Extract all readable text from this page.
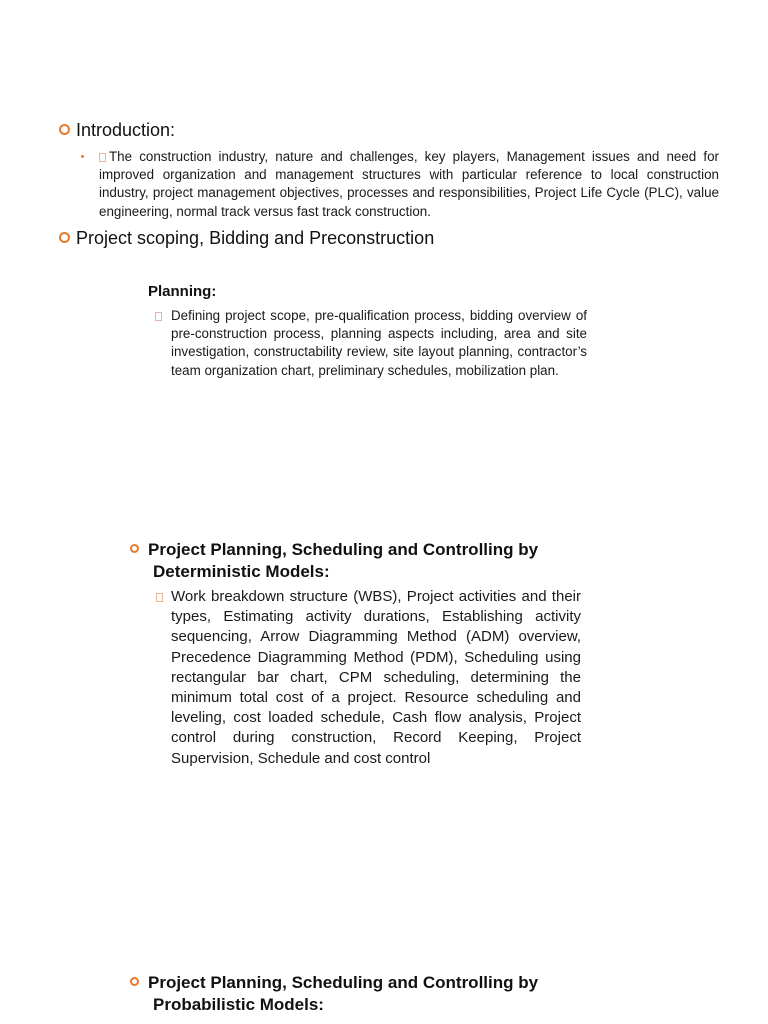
Introduction:
The construction industry, nature and challenges, key players, Management issues and need for improved organization and management structures with particular reference to local construction industry, project management objectives, processes and responsibilities, Project Life Cycle (PLC), value engineering, normal track versus fast track construction.
Project scoping, Bidding and Preconstruction
Planning:
Defining project scope, pre-qualification process, bidding overview of pre-construction process, planning aspects including, area and site investigation, constructability review, site layout planning, contractor’s team organization chart, preliminary schedules, mobilization plan.
Project Planning, Scheduling and Controlling by
Deterministic Models:
Work breakdown structure (WBS), Project activities and their types, Estimating activity durations, Establishing activity sequencing, Arrow Diagramming Method (ADM) overview, Precedence Diagramming Method (PDM), Scheduling using rectangular bar chart, CPM scheduling, determining the minimum total cost of a project. Resource scheduling and leveling, cost loaded schedule, Cash flow analysis, Project control during construction, Record Keeping, Project Supervision, Schedule and cost control
Project Planning, Scheduling and Controlling by
Probabilistic Models:
